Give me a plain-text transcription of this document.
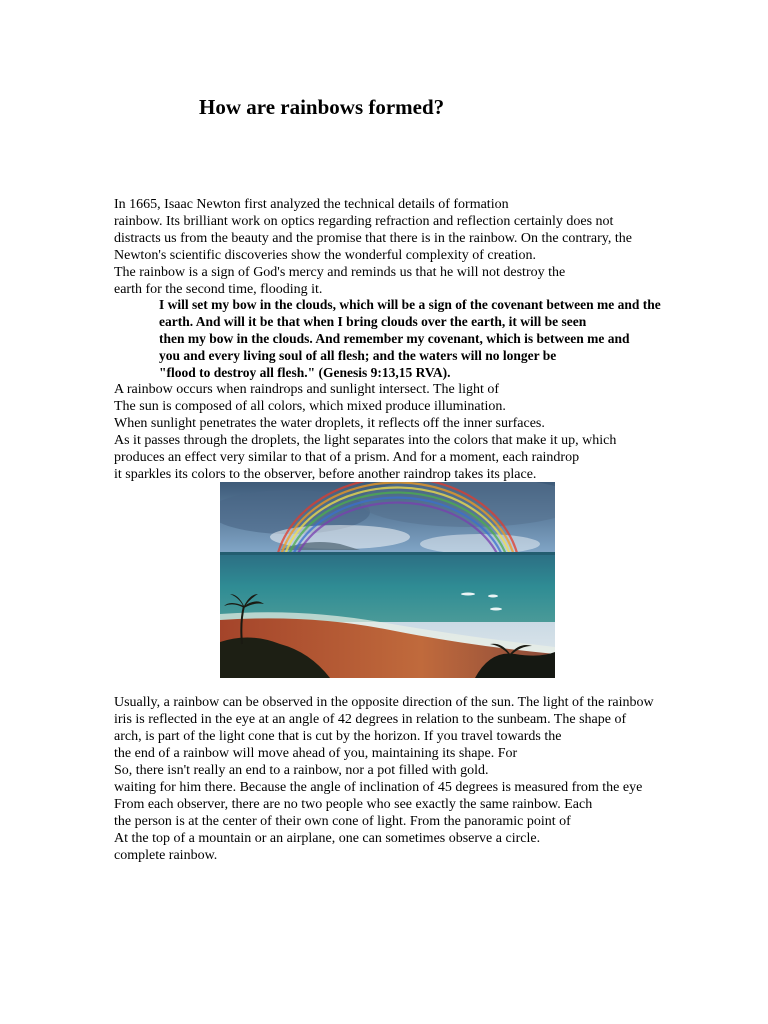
How are rainbows formed?
In 1665, Isaac Newton first analyzed the technical details of formation
rainbow. Its brilliant work on optics regarding refraction and reflection certainly does not
distracts us from the beauty and the promise that there is in the rainbow. On the contrary, the
Newton's scientific discoveries show the wonderful complexity of creation.
The rainbow is a sign of God's mercy and reminds us that he will not destroy the
earth for the second time, flooding it.
I will set my bow in the clouds, which will be a sign of the covenant between me and the
earth. And will it be that when I bring clouds over the earth, it will be seen
then my bow in the clouds. And remember my covenant, which is between me and
you and every living soul of all flesh; and the waters will no longer be
"flood to destroy all flesh." (Genesis 9:13,15 RVA).
A rainbow occurs when raindrops and sunlight intersect. The light of
The sun is composed of all colors, which mixed produce illumination.
When sunlight penetrates the water droplets, it reflects off the inner surfaces.
As it passes through the droplets, the light separates into the colors that make it up, which
produces an effect very similar to that of a prism. And for a moment, each raindrop
it sparkles its colors to the observer, before another raindrop takes its place.
Usually, a rainbow can be observed in the opposite direction of the sun. The light of the rainbow
iris is reflected in the eye at an angle of 42 degrees in relation to the sunbeam. The shape of
arch, is part of the light cone that is cut by the horizon. If you travel towards the
the end of a rainbow will move ahead of you, maintaining its shape. For
So, there isn't really an end to a rainbow, nor a pot filled with gold.
waiting for him there. Because the angle of inclination of 45 degrees is measured from the eye
From each observer, there are no two people who see exactly the same rainbow. Each
the person is at the center of their own cone of light. From the panoramic point of
At the top of a mountain or an airplane, one can sometimes observe a circle.
complete rainbow.
